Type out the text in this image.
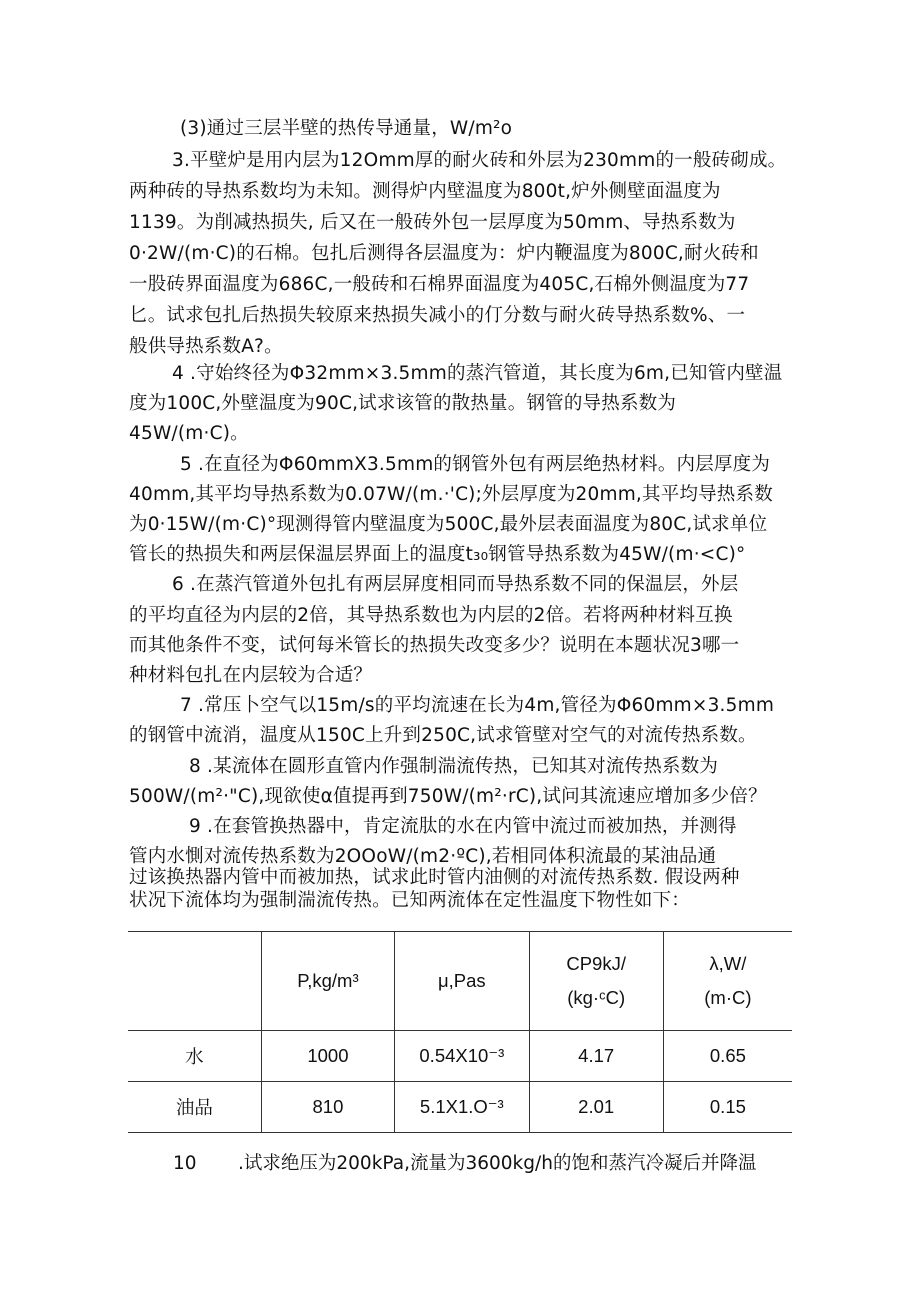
(3)通过三层半壁的热传导通量，W/m²o
3.平壁炉是用内层为12Omm厚的耐火砖和外层为230mm的一般砖砌成。
两种砖的导热系数均为未知。测得炉内壁温度为800t,炉外侧壁面温度为
1139。为削减热损失, 后又在一般砖外包一层厚度为50mm、导热系数为
0·2W/(m·C)的石棉。包扎后测得各层温度为：炉内鞭温度为800C,耐火砖和
一股砖界面温度为686C,一般砖和石棉界面温度为405C,石棉外侧温度为77
匕。试求包扎后热损失较原来热损失减小的仃分数与耐火砖导热系数%、一
般供导热系数A?。
4 .守始终径为Φ32mm×3.5mm的蒸汽管道，其长度为6m,已知管内壁温
度为100C,外壁温度为90C,试求该管的散热量。钢管的导热系数为
45W/(m·C)。
5 .在直径为Φ60mmX3.5mm的钢管外包有两层绝热材料。内层厚度为
40mm,其平均导热系数为0.07W/(m.·'C);外层厚度为20mm,其平均导热系数
为0·15W/(m·C)°现测得管内壁温度为500C,最外层表面温度为80C,试求单位
管长的热损失和两层保温层界面上的温度t₃₀钢管导热系数为45W/(m·<C)°
6 .在蒸汽管道外包扎有两层屏度相同而导热系数不同的保温层，外层
的平均直径为内层的2倍，其导热系数也为内层的2倍。若将两种材料互换
而其他条件不变，试何每米管长的热损失改变多少？说明在本题状况3哪一
种材料包扎在内层较为合适？
7 .常压卜空气以15m/s的平均流速在长为4m,管径为Φ60mm×3.5mm
的钢管中流消，温度从150C上升到250C,试求管壁对空气的对流传热系数。
8 .某流体在圆形直管内作强制湍流传热，已知其对流传热系数为
500W/(m²·"C),现欲使α值提再到750W/(m²·rC),试问其流速应增加多少倍？
9 .在套管换热器中，肯定流肽的水在内管中流过而被加热，并测得
管内水惻对流传热系数为2OOoW/(m2·ºC),若相同体积流最的某油品通
过该换热器内管中而被加热，试求此时管内油侧的对流传热系数. 假设两种
状况下流体均为强制湍流传热。已知两流体在定性温度下物性如下：

	P,kg/m³	μ,Pas	CP9kJ/
(kg·ᶜC)	λ,W/
(m·C)

水	1000	0.54X10⁻³	4.17	0.65
油品	810	5.1X1.O⁻³	2.01	0.15
10 .试求绝压为200kPa,流量为3600kg/h的饱和蒸汽冷凝后并降温
